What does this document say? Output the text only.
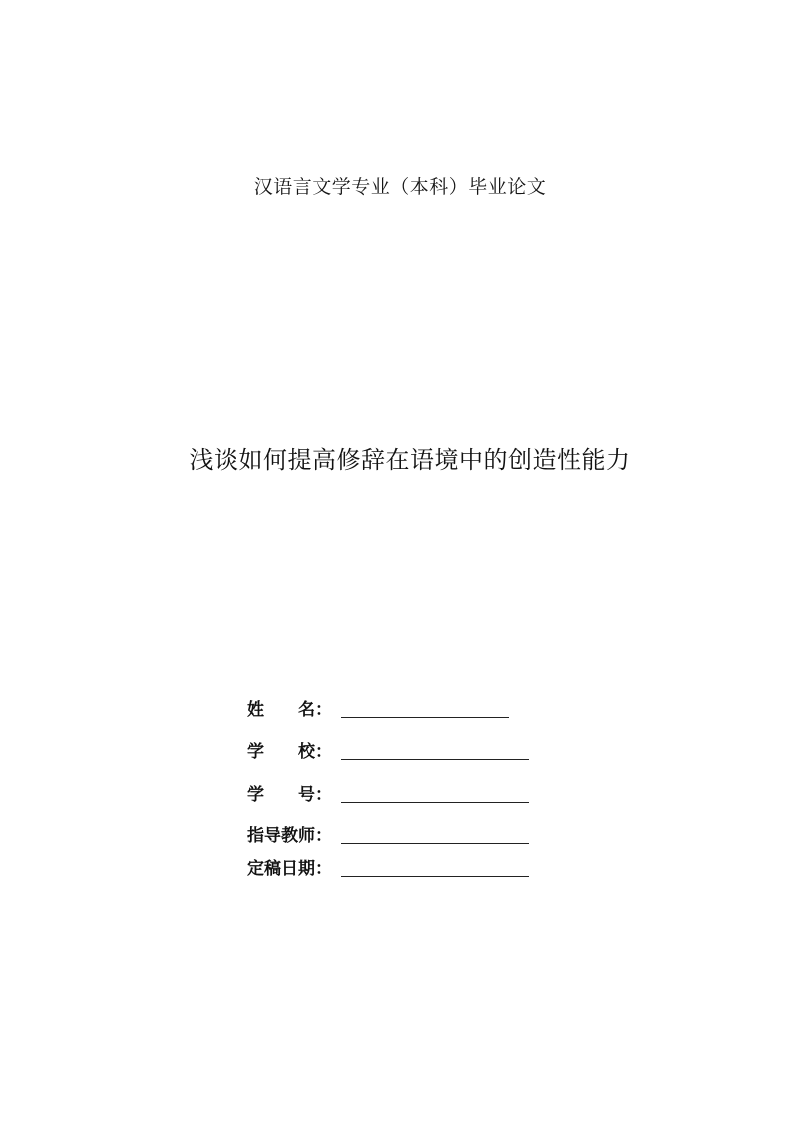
汉语言文学专业（本科）毕业论文
浅谈如何提高修辞在语境中的创造性能力
姓　　名：
学　　校：
学　　号：
指导教师：
定稿日期：
